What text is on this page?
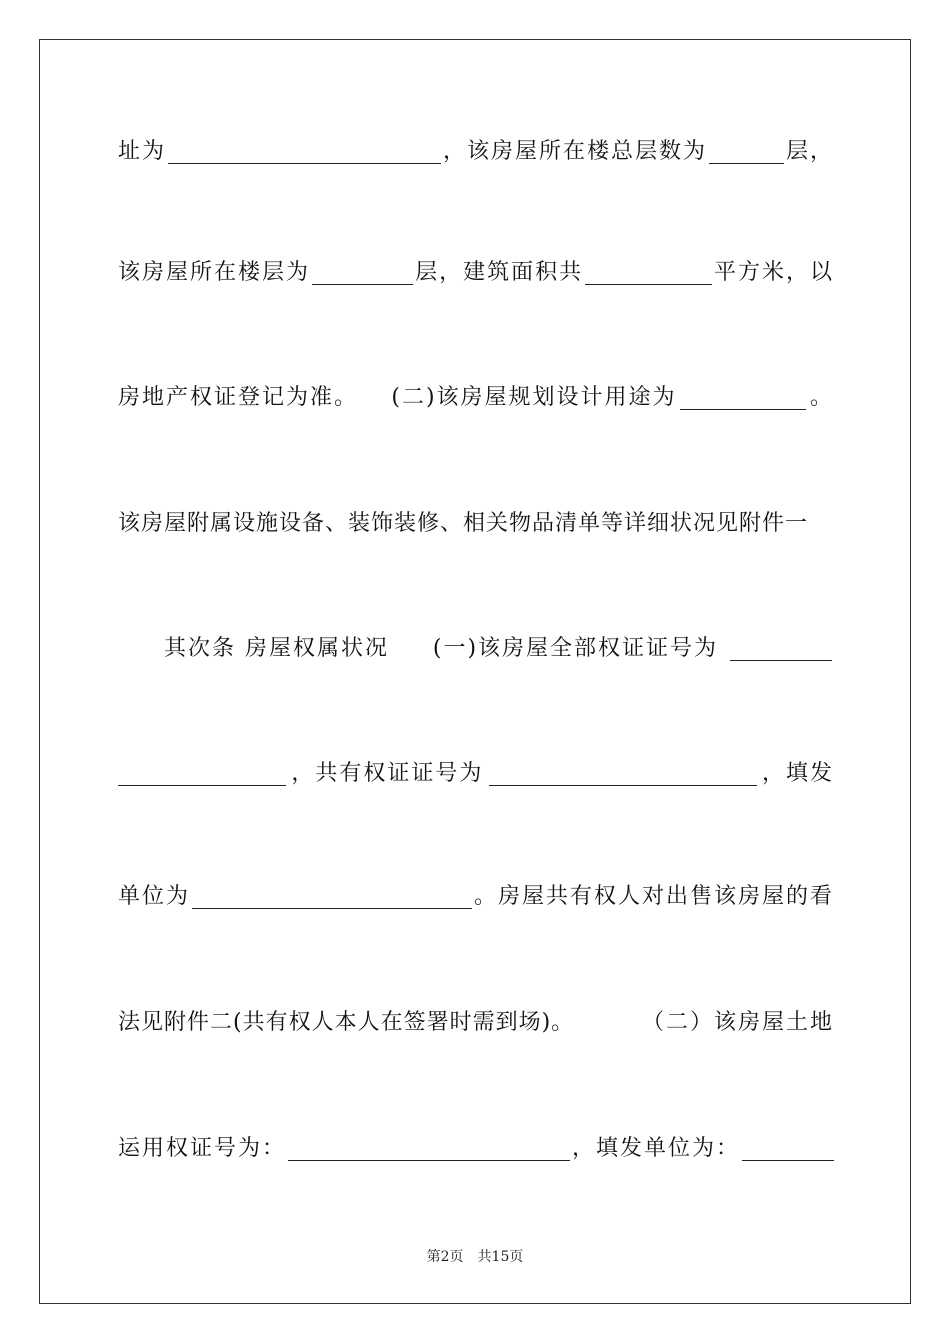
址为	，该房屋所在楼总层数为	层，
该房屋所在楼层为	层，建筑面积共	平方米，以
房地产权证登记为准。 (二)该房屋规划设计用途为	。
该房屋附属设施设备、装饰装修、相关物品清单等详细状况见附件一
其次条 房屋权属状况 (一)该房屋全部权证证号为
，共有权证证号为	，填发
单位为	。房屋共有权人对出售该房屋的看
法见附件二(共有权人本人在签署时需到场)。	（二）该房屋土地
运用权证号为：	，填发单位为：
第2页 共15页
